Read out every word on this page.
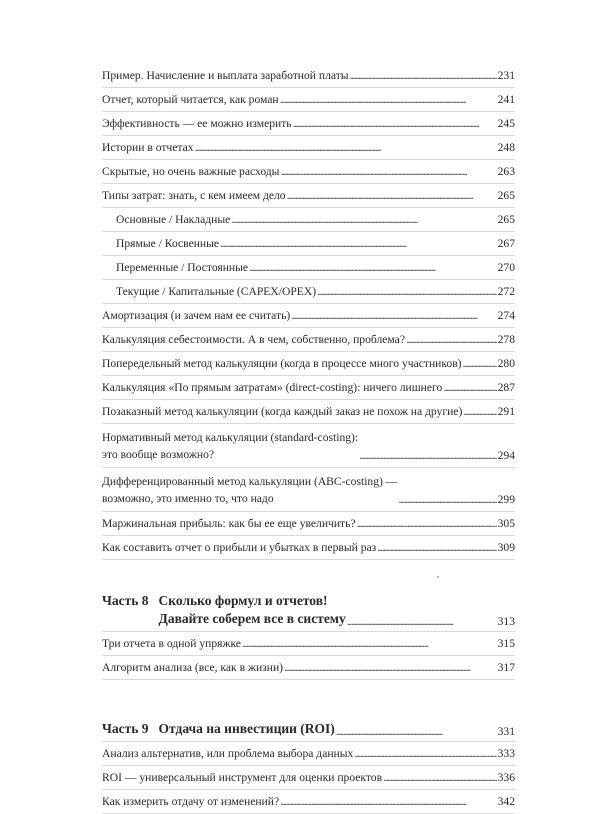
Пример. Начисление и выплата заработной платы . . .	231
Отчет, который читается, как роман . . .	241
Эффективность — ее можно измерить . . .	245
Истории в отчетах . . .	248
Скрытые, но очень важные расходы . . .	263
Типы затрат: знать, с кем имеем дело . . .	265
Основные / Накладные . . .	265
Прямые / Косвенные . . .	267
Переменные / Постоянные . . .	270
Текущие / Капитальные (CAPEX/OPEX) . . .	272
Амортизация (и зачем нам ее считать) . . .	274
Калькуляция себестоимости. А в чем, собственно, проблема? . . .	278
Попередельный метод калькуляции (когда в процессе много участников) . . .	280
Калькуляция «По прямым затратам» (direct-costing): ничего лишнего . . .	287
Позаказный метод калькуляции (когда каждый заказ не похож на другие) . . .	291
Нормативный метод калькуляции (standard-costing):
это вообще возможно? . . .	294
Дифференцированный метод калькуляции (ABC-costing) —
возможно, это именно то, что надо . . .	299
Маржинальная прибыль: как бы ее еще увеличить? . . .	305
Как составить отчет о прибыли и убытках в первый раз . . .	309
Часть 8 Сколько формул и отчетов!
Давайте соберем все в систему . . .	313
Три отчета в одной упряжке . . .	315
Алгоритм анализа (все, как в жизни) . . .	317
Часть 9 Отдача на инвестиции (ROI) . . .	331
Анализ альтернатив, или проблема выбора данных . . .	333
ROI — универсальный инструмент для оценки проектов . . .	336
Как измерить отдачу от изменений? . . .	342
